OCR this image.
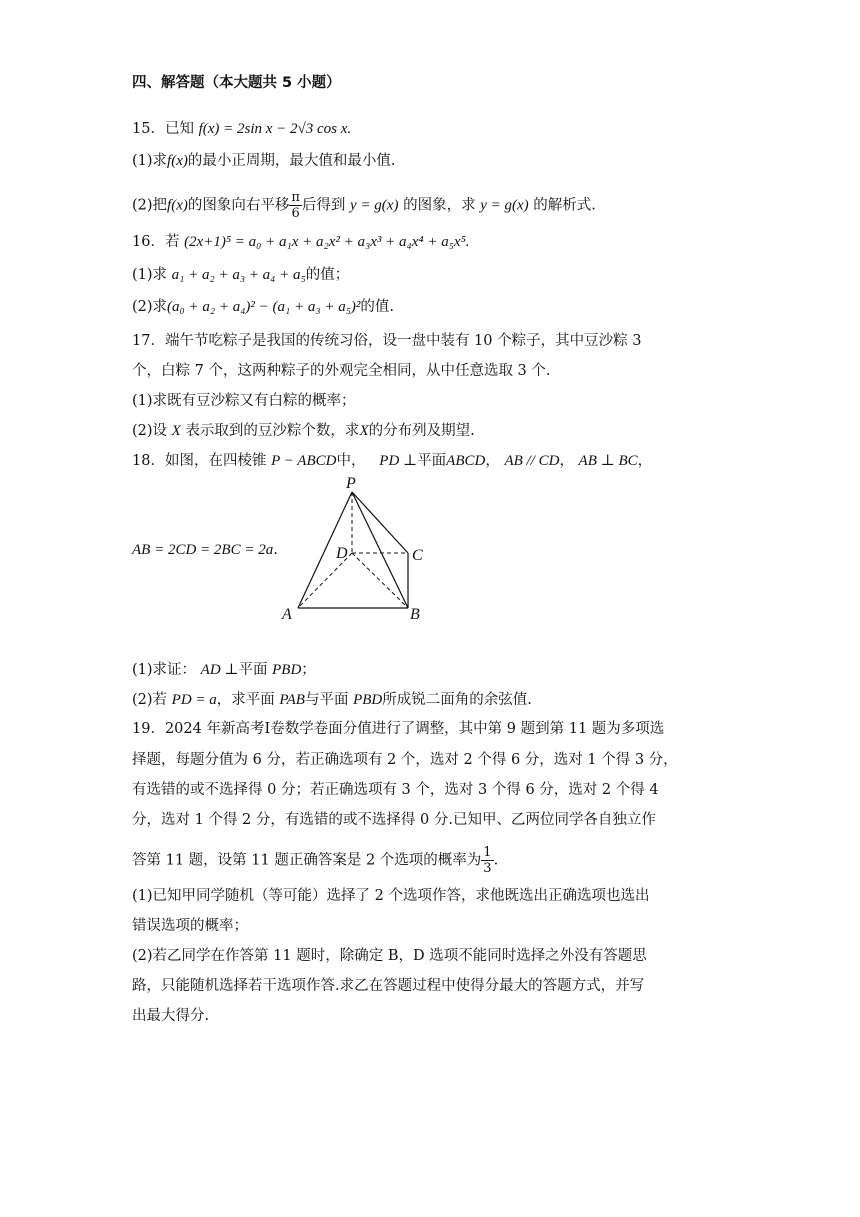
四、解答题（本大题共 5 小题）
15．已知 f(x) = 2sin x − 2√3 cos x.
(1)求f(x)的最小正周期，最大值和最小值.
(2)把f(x)的图象向右平移 $\frac{\pi}{6}$ 后得到 y = g(x) 的图象，求 y = g(x) 的解析式.
16．若 (2x+1)⁵ = a₀ + a₁x + a₂x² + a₃x³ + a₄x⁴ + a₅x⁵.
(1)求 a₁ + a₂ + a₃ + a₄ + a₅的值；
(2)求(a₀ + a₂ + a₄)² − (a₁ + a₃ + a₅)²的值.
17．端午节吃粽子是我国的传统习俗，设一盘中装有 10 个粽子，其中豆沙粽 3
个，白粽 7 个，这两种粽子的外观完全相同，从中任意选取 3 个.
(1)求既有豆沙粽又有白粽的概率；
(2)设 X 表示取到的豆沙粽个数，求X的分布列及期望.
18．如图，在四棱锥 P − ABCD中， PD ⊥平面ABCD， AB // CD， AB ⊥ BC，
AB = 2CD = 2BC = 2a.
P
D	C
A	B
(1)求证： AD ⊥平面 PBD；
(2)若 PD = a，求平面 PAB与平面 PBD所成锐二面角的余弦值.
19．2024 年新高考Ⅰ卷数学卷面分值进行了调整，其中第 9 题到第 11 题为多项选
择题，每题分值为 6 分，若正确选项有 2 个，选对 2 个得 6 分，选对 1 个得 3 分，
有选错的或不选择得 0 分；若正确选项有 3 个，选对 3 个得 6 分，选对 2 个得 4
分，选对 1 个得 2 分，有选错的或不选择得 0 分.已知甲、乙两位同学各自独立作
答第 11 题，设第 11 题正确答案是 2 个选项的概率为 $\frac{1}{3}$ .
(1)已知甲同学随机（等可能）选择了 2 个选项作答，求他既选出正确选项也选出
错误选项的概率；
(2)若乙同学在作答第 11 题时，除确定 B，D 选项不能同时选择之外没有答题思
路，只能随机选择若干选项作答.求乙在答题过程中使得分最大的答题方式，并写
出最大得分.
